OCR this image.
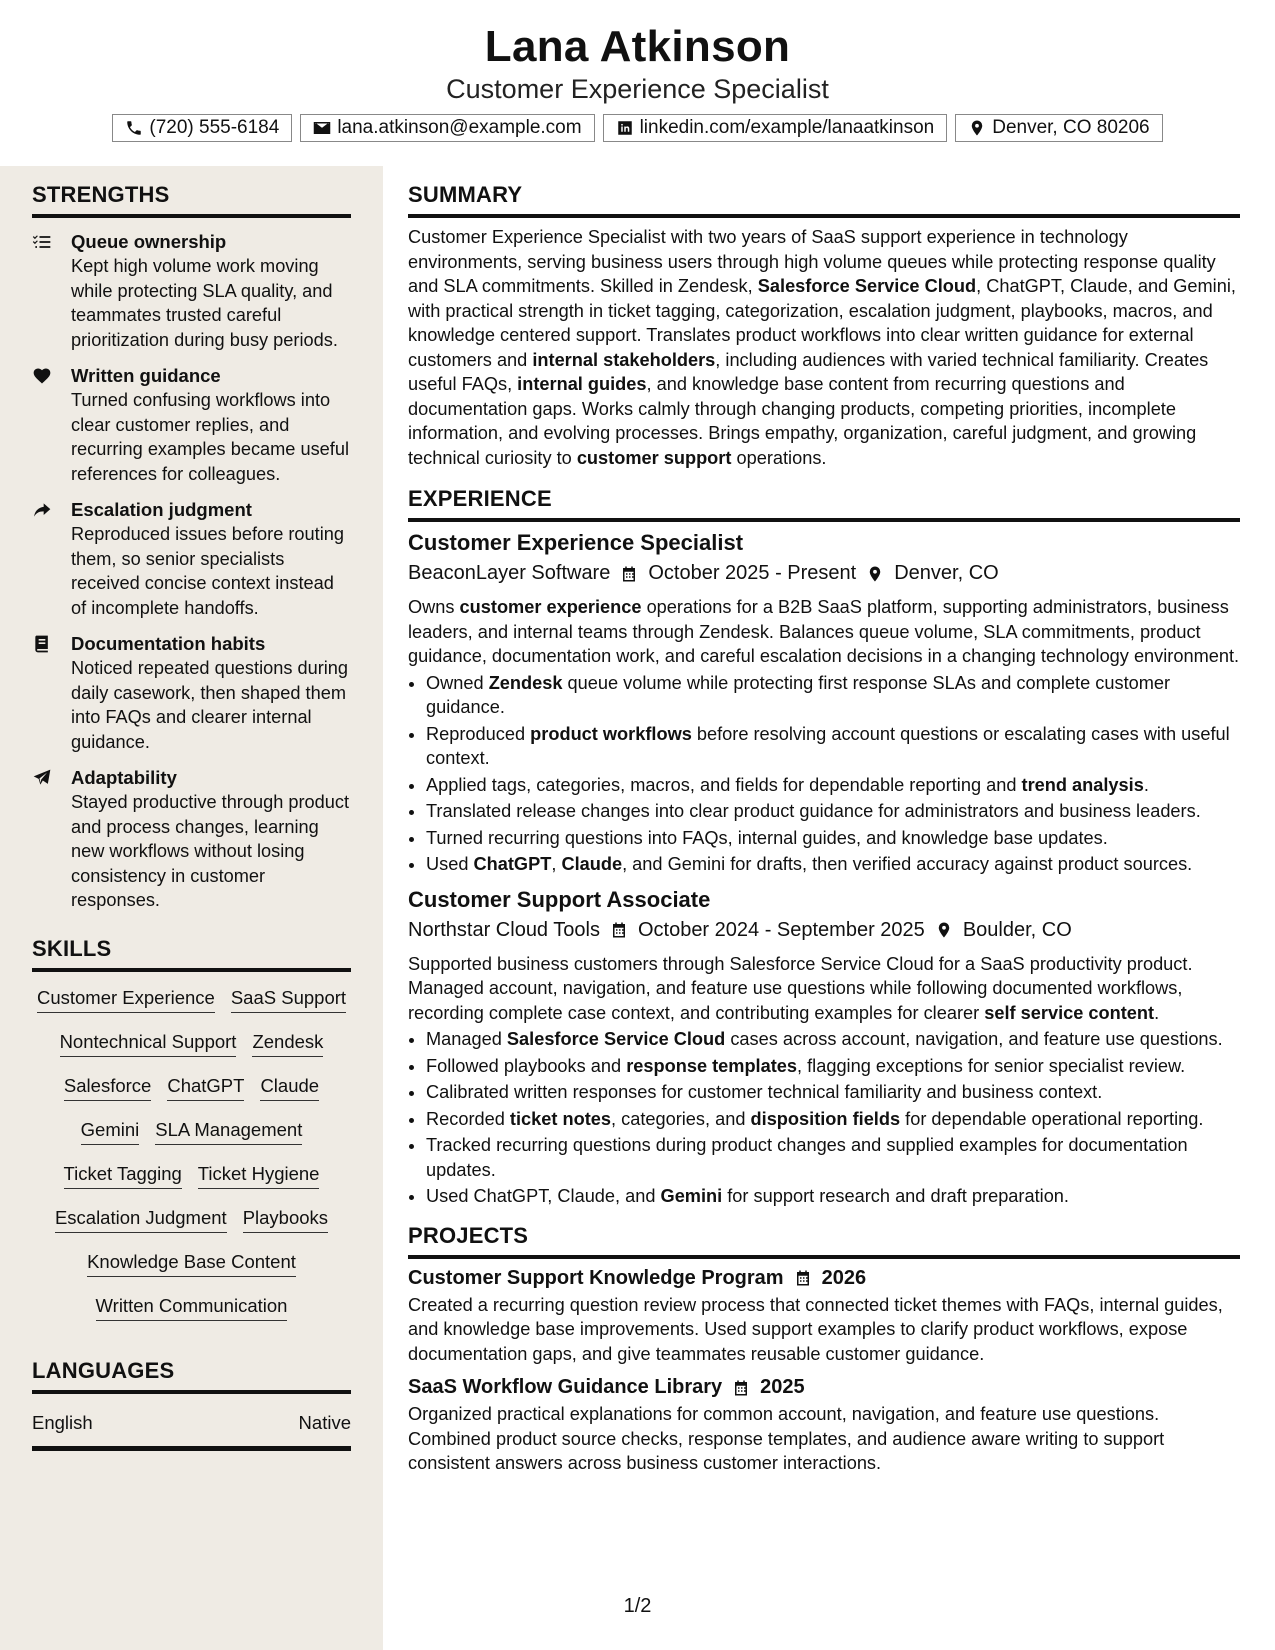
Lana Atkinson
Customer Experience Specialist
(720) 555-6184	lana.atkinson@example.com	linkedin.com/example/lanaatkinson	Denver, CO 80206
STRENGTHS
Queue ownership
Kept high volume work moving while protecting SLA quality, and teammates trusted careful prioritization during busy periods.
Written guidance
Turned confusing workflows into clear customer replies, and recurring examples became useful references for colleagues.
Escalation judgment
Reproduced issues before routing them, so senior specialists received concise context instead of incomplete handoffs.
Documentation habits
Noticed repeated questions during daily casework, then shaped them into FAQs and clearer internal guidance.
Adaptability
Stayed productive through product and process changes, learning new workflows without losing consistency in customer responses.
SKILLS
Customer Experience SaaS Support
Nontechnical Support Zendesk
Salesforce ChatGPT Claude
Gemini SLA Management
Ticket Tagging Ticket Hygiene
Escalation Judgment Playbooks
Knowledge Base Content
Written Communication
LANGUAGES
English	Native
SUMMARY
Customer Experience Specialist with two years of SaaS support experience in technology environments, serving business users through high volume queues while protecting response quality and SLA commitments. Skilled in Zendesk, Salesforce Service Cloud, ChatGPT, Claude, and Gemini, with practical strength in ticket tagging, categorization, escalation judgment, playbooks, macros, and knowledge centered support. Translates product workflows into clear written guidance for external customers and internal stakeholders, including audiences with varied technical familiarity. Creates useful FAQs, internal guides, and knowledge base content from recurring questions and documentation gaps. Works calmly through changing products, competing priorities, incomplete information, and evolving processes. Brings empathy, organization, careful judgment, and growing technical curiosity to customer support operations.
EXPERIENCE
Customer Experience Specialist
BeaconLayer Software October 2025 - Present Denver, CO
Owns customer experience operations for a B2B SaaS platform, supporting administrators, business leaders, and internal teams through Zendesk. Balances queue volume, SLA commitments, product guidance, documentation work, and careful escalation decisions in a changing technology environment.
• Owned Zendesk queue volume while protecting first response SLAs and complete customer guidance.
• Reproduced product workflows before resolving account questions or escalating cases with useful context.
• Applied tags, categories, macros, and fields for dependable reporting and trend analysis.
• Translated release changes into clear product guidance for administrators and business leaders.
• Turned recurring questions into FAQs, internal guides, and knowledge base updates.
• Used ChatGPT, Claude, and Gemini for drafts, then verified accuracy against product sources.
Customer Support Associate
Northstar Cloud Tools October 2024 - September 2025 Boulder, CO
Supported business customers through Salesforce Service Cloud for a SaaS productivity product. Managed account, navigation, and feature use questions while following documented workflows, recording complete case context, and contributing examples for clearer self service content.
• Managed Salesforce Service Cloud cases across account, navigation, and feature use questions.
• Followed playbooks and response templates, flagging exceptions for senior specialist review.
• Calibrated written responses for customer technical familiarity and business context.
• Recorded ticket notes, categories, and disposition fields for dependable operational reporting.
• Tracked recurring questions during product changes and supplied examples for documentation updates.
• Used ChatGPT, Claude, and Gemini for support research and draft preparation.
PROJECTS
Customer Support Knowledge Program 2026
Created a recurring question review process that connected ticket themes with FAQs, internal guides, and knowledge base improvements. Used support examples to clarify product workflows, expose documentation gaps, and give teammates reusable customer guidance.
SaaS Workflow Guidance Library 2025
Organized practical explanations for common account, navigation, and feature use questions. Combined product source checks, response templates, and audience aware writing to support consistent answers across business customer interactions.
1/2
